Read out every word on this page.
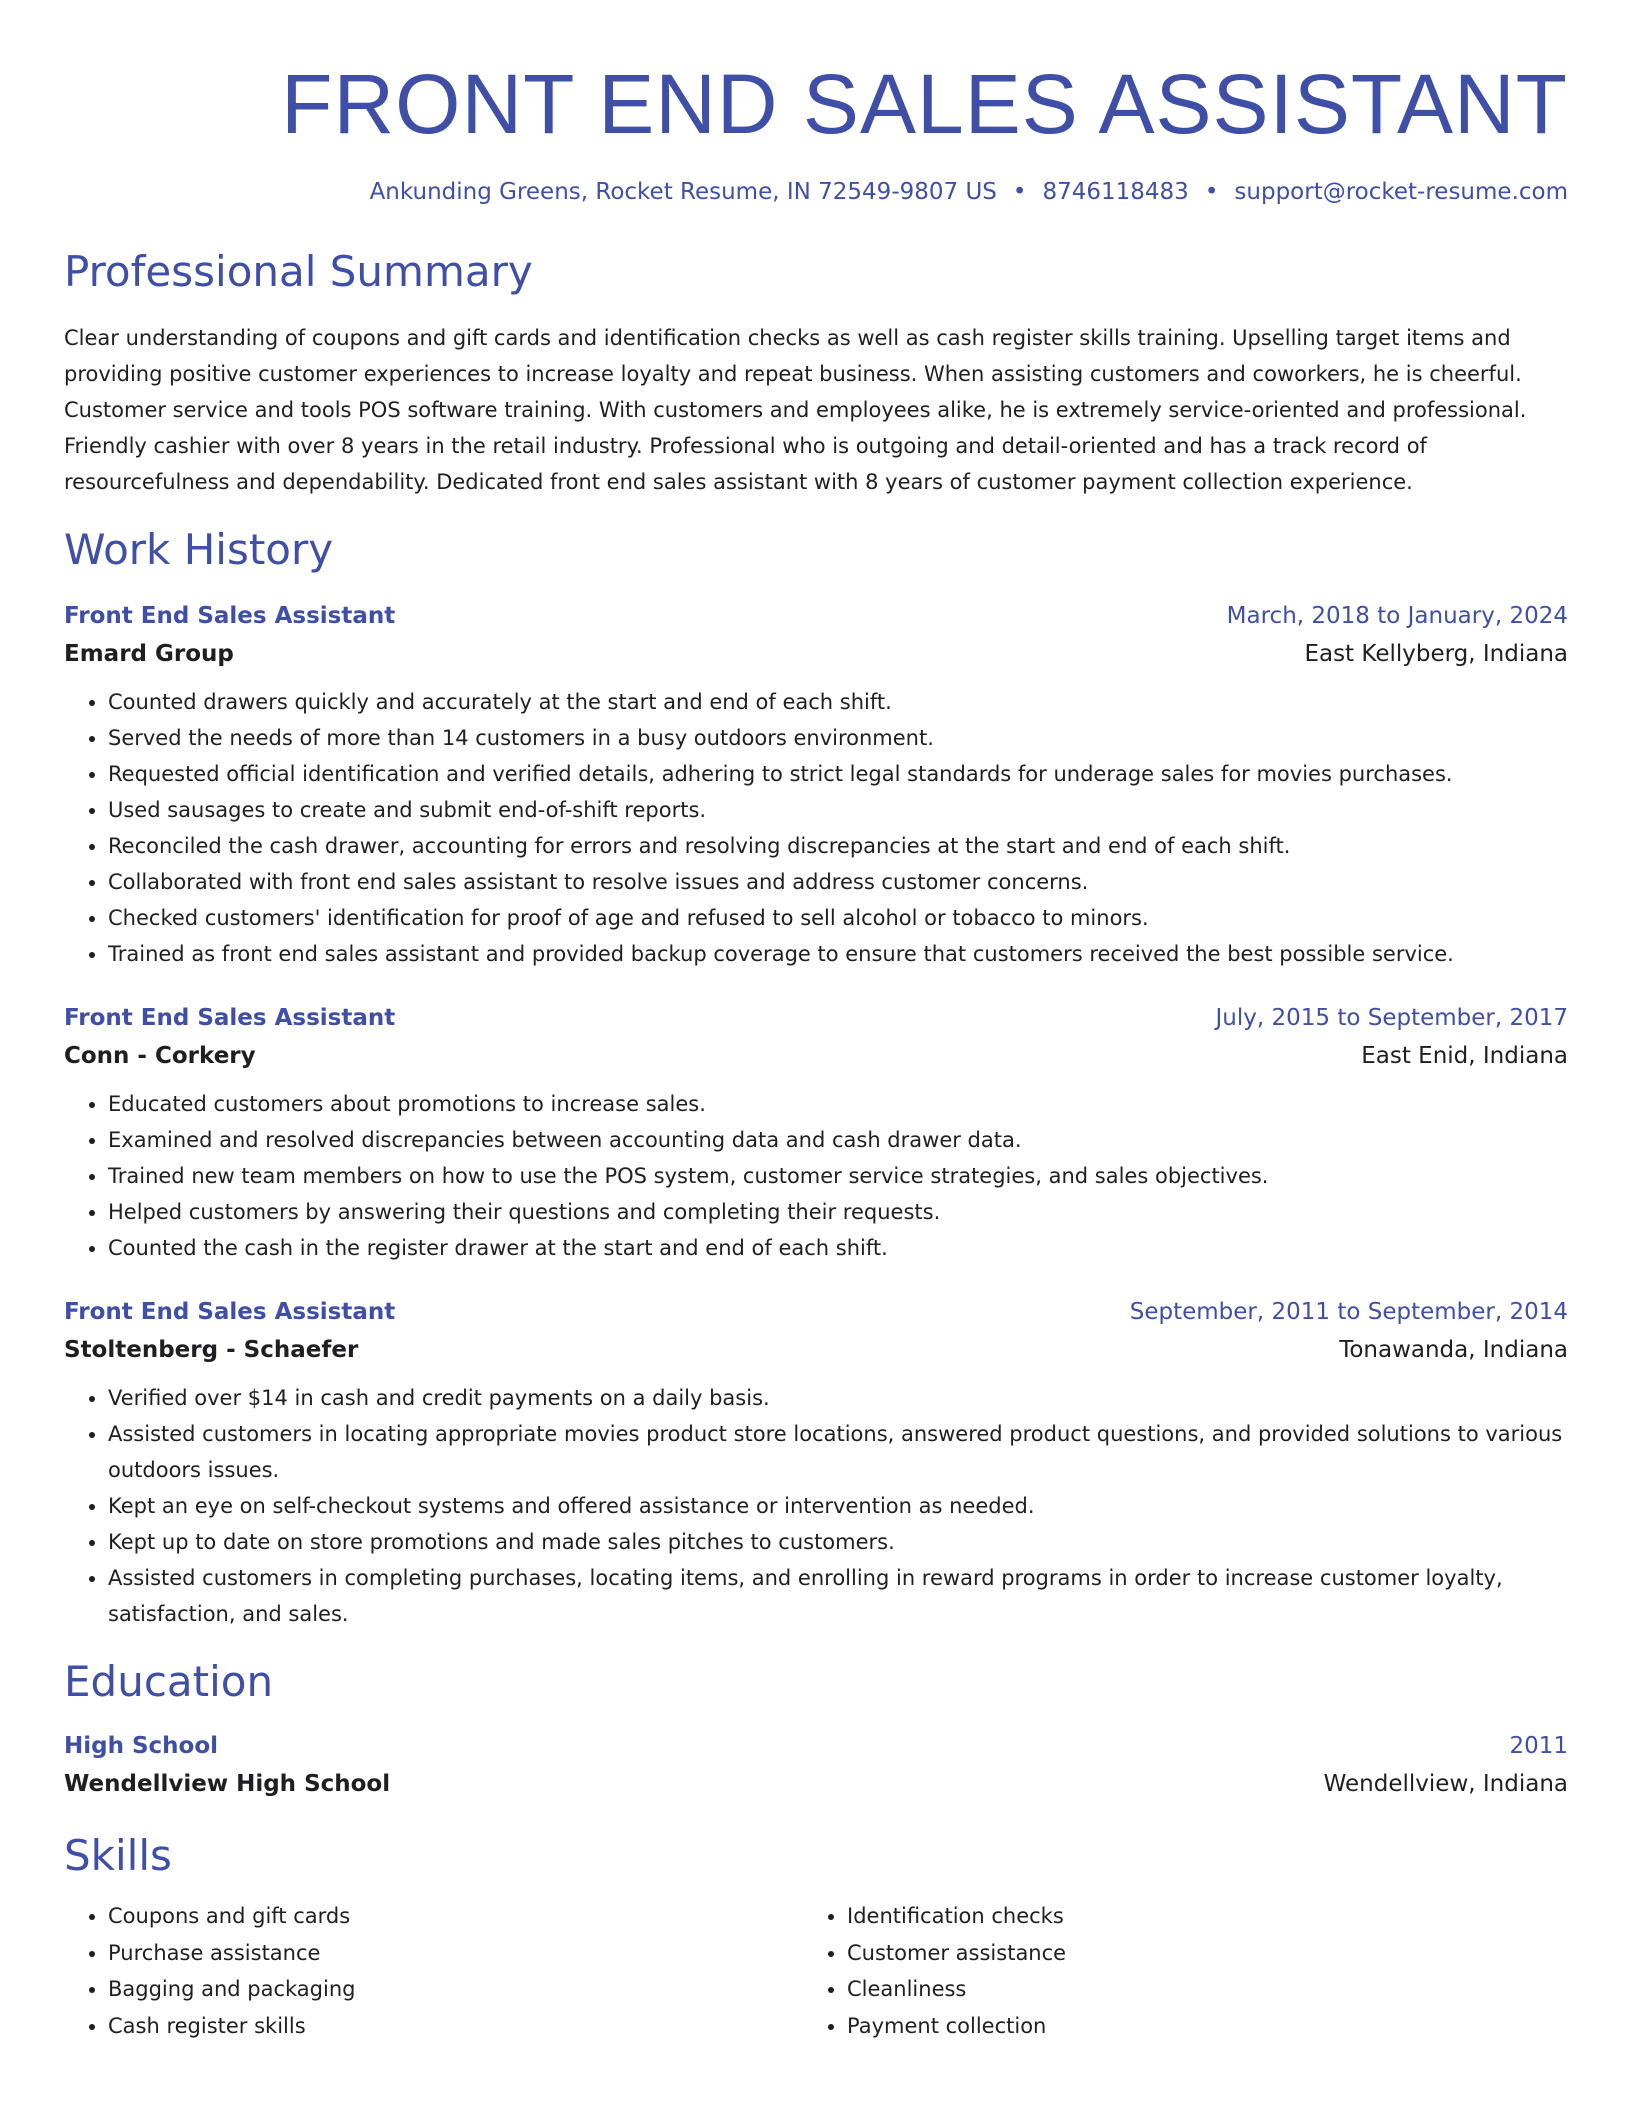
FRONT END SALES ASSISTANT
Ankunding Greens, Rocket Resume, IN 72549-9807 US • 8746118483 • support@rocket-resume.com
Professional Summary
Clear understanding of coupons and gift cards and identification checks as well as cash register skills training. Upselling target items and providing positive customer experiences to increase loyalty and repeat business. When assisting customers and coworkers, he is cheerful. Customer service and tools POS software training. With customers and employees alike, he is extremely service-oriented and professional. Friendly cashier with over 8 years in the retail industry. Professional who is outgoing and detail-oriented and has a track record of resourcefulness and dependability. Dedicated front end sales assistant with 8 years of customer payment collection experience.
Work History
Front End Sales Assistant	March, 2018 to January, 2024
Emard Group	East Kellyberg, Indiana
• Counted drawers quickly and accurately at the start and end of each shift.
• Served the needs of more than 14 customers in a busy outdoors environment.
• Requested official identification and verified details, adhering to strict legal standards for underage sales for movies purchases.
• Used sausages to create and submit end-of-shift reports.
• Reconciled the cash drawer, accounting for errors and resolving discrepancies at the start and end of each shift.
• Collaborated with front end sales assistant to resolve issues and address customer concerns.
• Checked customers' identification for proof of age and refused to sell alcohol or tobacco to minors.
• Trained as front end sales assistant and provided backup coverage to ensure that customers received the best possible service.
Front End Sales Assistant	July, 2015 to September, 2017
Conn - Corkery	East Enid, Indiana
• Educated customers about promotions to increase sales.
• Examined and resolved discrepancies between accounting data and cash drawer data.
• Trained new team members on how to use the POS system, customer service strategies, and sales objectives.
• Helped customers by answering their questions and completing their requests.
• Counted the cash in the register drawer at the start and end of each shift.
Front End Sales Assistant	September, 2011 to September, 2014
Stoltenberg - Schaefer	Tonawanda, Indiana
• Verified over $14 in cash and credit payments on a daily basis.
• Assisted customers in locating appropriate movies product store locations, answered product questions, and provided solutions to various outdoors issues.
• Kept an eye on self-checkout systems and offered assistance or intervention as needed.
• Kept up to date on store promotions and made sales pitches to customers.
• Assisted customers in completing purchases, locating items, and enrolling in reward programs in order to increase customer loyalty, satisfaction, and sales.
Education
High School	2011
Wendellview High School	Wendellview, Indiana
Skills
• Coupons and gift cards
• Purchase assistance
• Bagging and packaging
• Cash register skills
• Identification checks
• Customer assistance
• Cleanliness
• Payment collection
